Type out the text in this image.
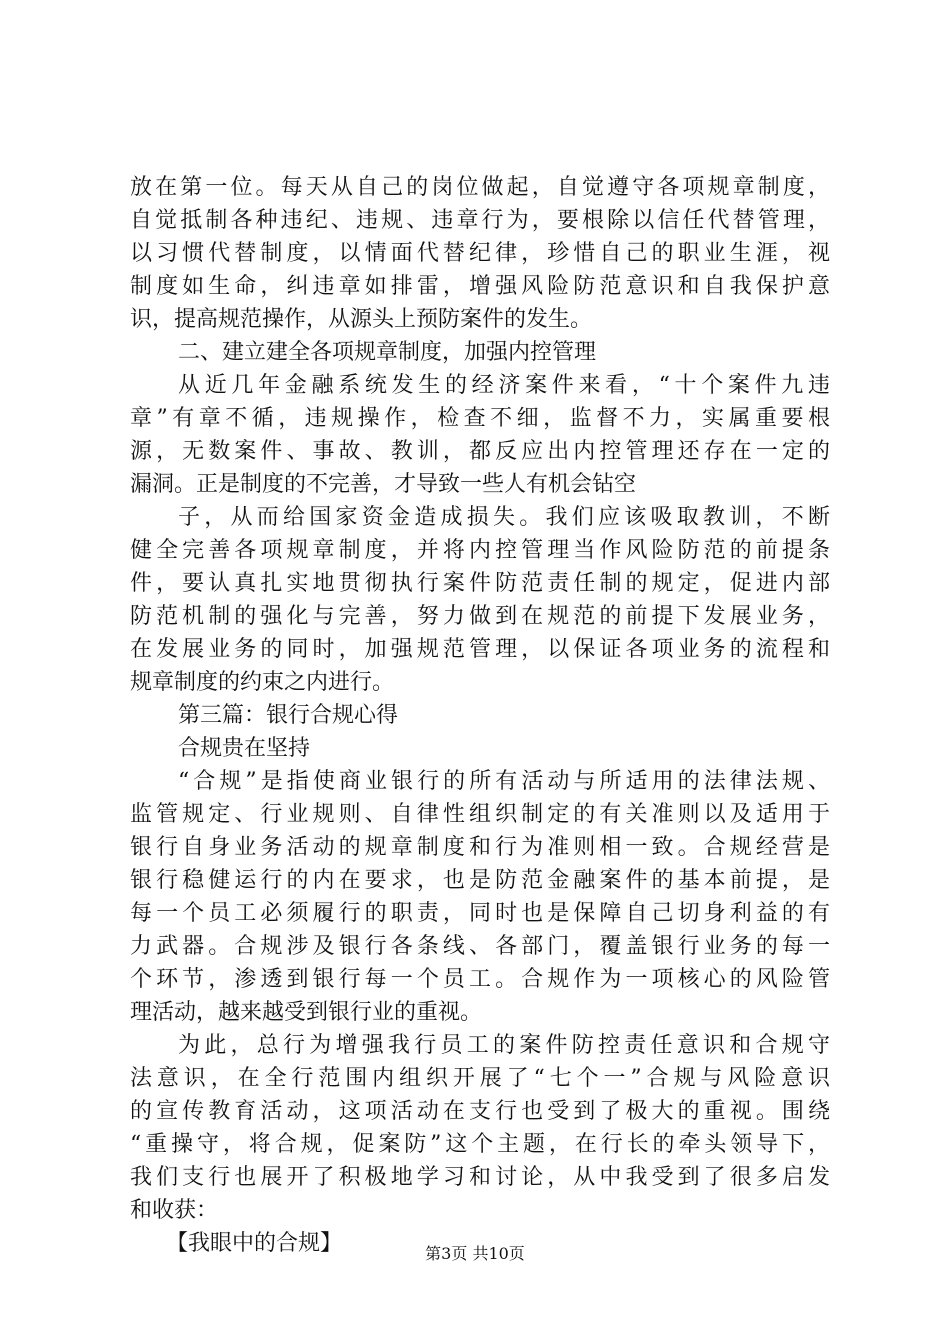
放在第一位。每天从自己的岗位做起，自觉遵守各项规章制度，
自觉抵制各种违纪、违规、违章行为，要根除以信任代替管理，
以习惯代替制度，以情面代替纪律，珍惜自己的职业生涯，视
制度如生命，纠违章如排雷，增强风险防范意识和自我保护意
识，提高规范操作，从源头上预防案件的发生。
二、建立建全各项规章制度，加强内控管理
从近几年金融系统发生的经济案件来看，“十个案件九违
章”有章不循，违规操作，检查不细，监督不力，实属重要根
源，无数案件、事故、教训，都反应出内控管理还存在一定的
漏洞。正是制度的不完善，才导致一些人有机会钻空
子，从而给国家资金造成损失。我们应该吸取教训，不断
健全完善各项规章制度，并将内控管理当作风险防范的前提条
件，要认真扎实地贯彻执行案件防范责任制的规定，促进内部
防范机制的强化与完善，努力做到在规范的前提下发展业务，
在发展业务的同时，加强规范管理，以保证各项业务的流程和
规章制度的约束之内进行。
第三篇：银行合规心得
合规贵在坚持
“合规”是指使商业银行的所有活动与所适用的法律法规、
监管规定、行业规则、自律性组织制定的有关准则以及适用于
银行自身业务活动的规章制度和行为准则相一致。合规经营是
银行稳健运行的内在要求，也是防范金融案件的基本前提，是
每一个员工必须履行的职责，同时也是保障自己切身利益的有
力武器。合规涉及银行各条线、各部门，覆盖银行业务的每一
个环节，渗透到银行每一个员工。合规作为一项核心的风险管
理活动，越来越受到银行业的重视。
为此，总行为增强我行员工的案件防控责任意识和合规守
法意识，在全行范围内组织开展了“七个一”合规与风险意识
的宣传教育活动，这项活动在支行也受到了极大的重视。围绕
“重操守，将合规，促案防”这个主题，在行长的牵头领导下，
我们支行也展开了积极地学习和讨论，从中我受到了很多启发
和收获：
【我眼中的合规】	第3页 共10页
